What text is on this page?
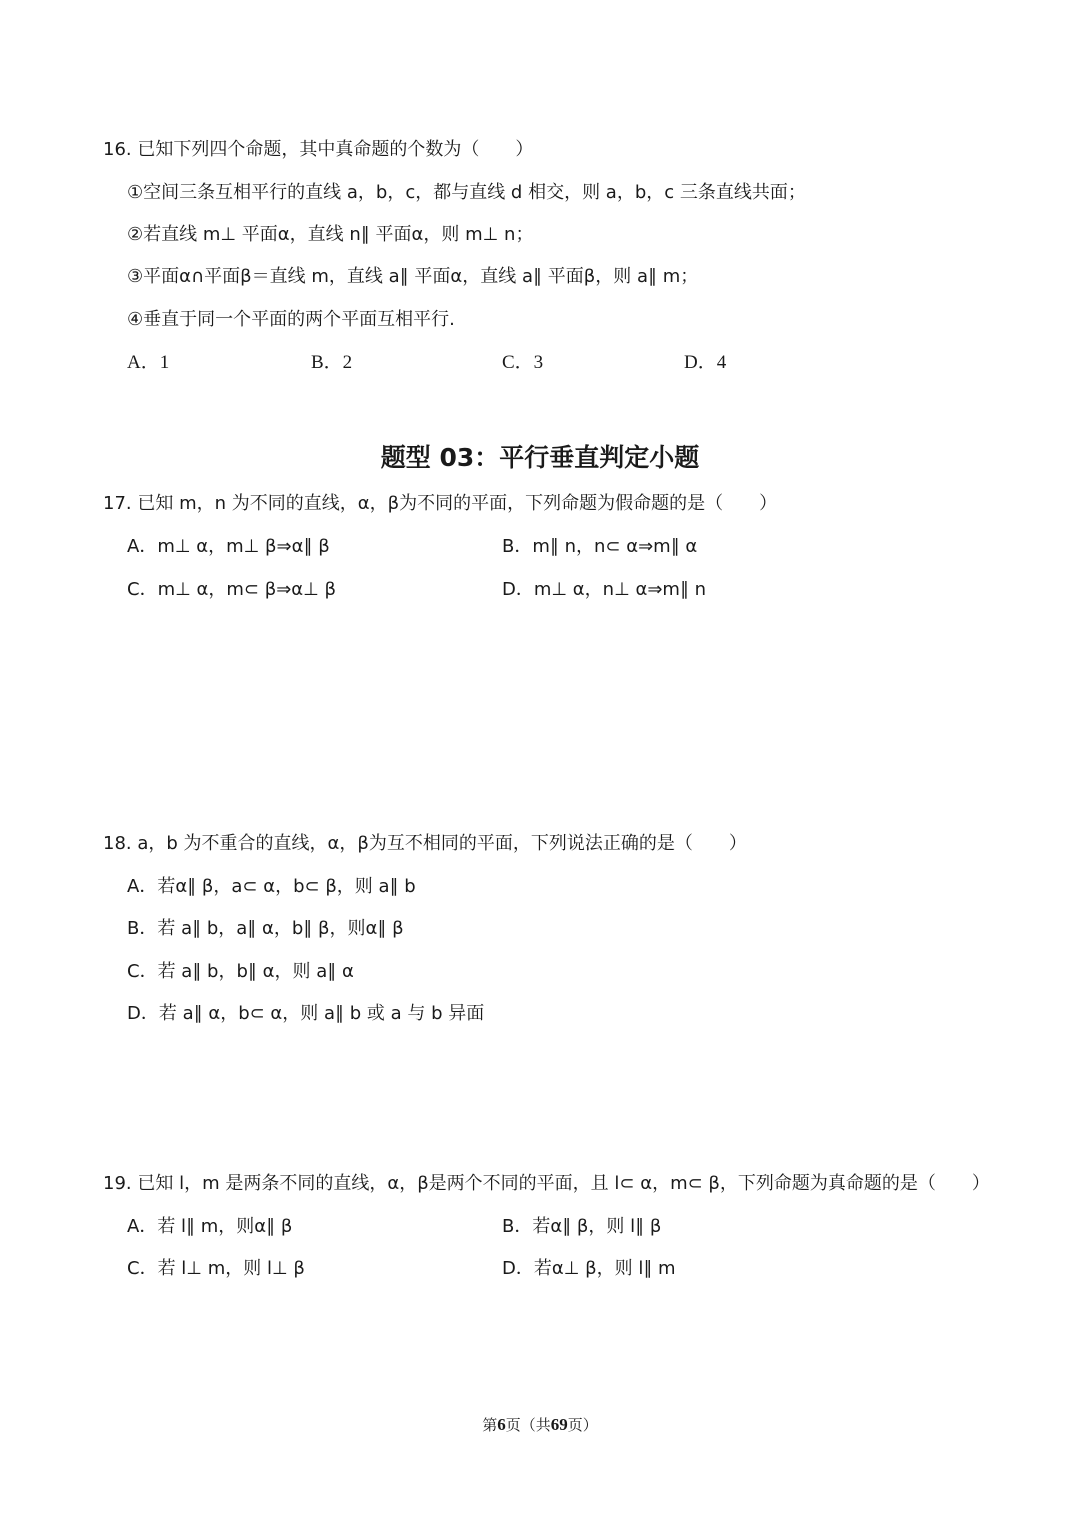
16. 已知下列四个命题，其中真命题的个数为（　　）
①空间三条互相平行的直线 a，b，c，都与直线 d 相交，则 a，b，c 三条直线共面；
②若直线 m⊥ 平面α，直线 n∥ 平面α，则 m⊥ n；
③平面α∩平面β＝直线 m，直线 a∥ 平面α，直线 a∥ 平面β，则 a∥ m；
④垂直于同一个平面的两个平面互相平行.
A．1	B．2	C．3	D．4
题型 03：平行垂直判定小题
17. 已知 m，n 为不同的直线，α，β为不同的平面，下列命题为假命题的是（　　）
A．m⊥ α，m⊥ β⇒α∥ β	B．m∥ n，n⊂ α⇒m∥ α
C．m⊥ α，m⊂ β⇒α⊥ β	D．m⊥ α，n⊥ α⇒m∥ n
18. a，b 为不重合的直线，α，β为互不相同的平面，下列说法正确的是（　　）
A．若α∥ β，a⊂ α，b⊂ β，则 a∥ b
B．若 a∥ b，a∥ α，b∥ β，则α∥ β
C．若 a∥ b，b∥ α，则 a∥ α
D．若 a∥ α，b⊂ α，则 a∥ b 或 a 与 b 异面
19. 已知 l，m 是两条不同的直线，α，β是两个不同的平面，且 l⊂ α，m⊂ β，下列命题为真命题的是（　　）
A．若 l∥ m，则α∥ β	B．若α∥ β，则 l∥ β
C．若 l⊥ m，则 l⊥ β	D．若α⊥ β，则 l∥ m
第6页（共69页）
